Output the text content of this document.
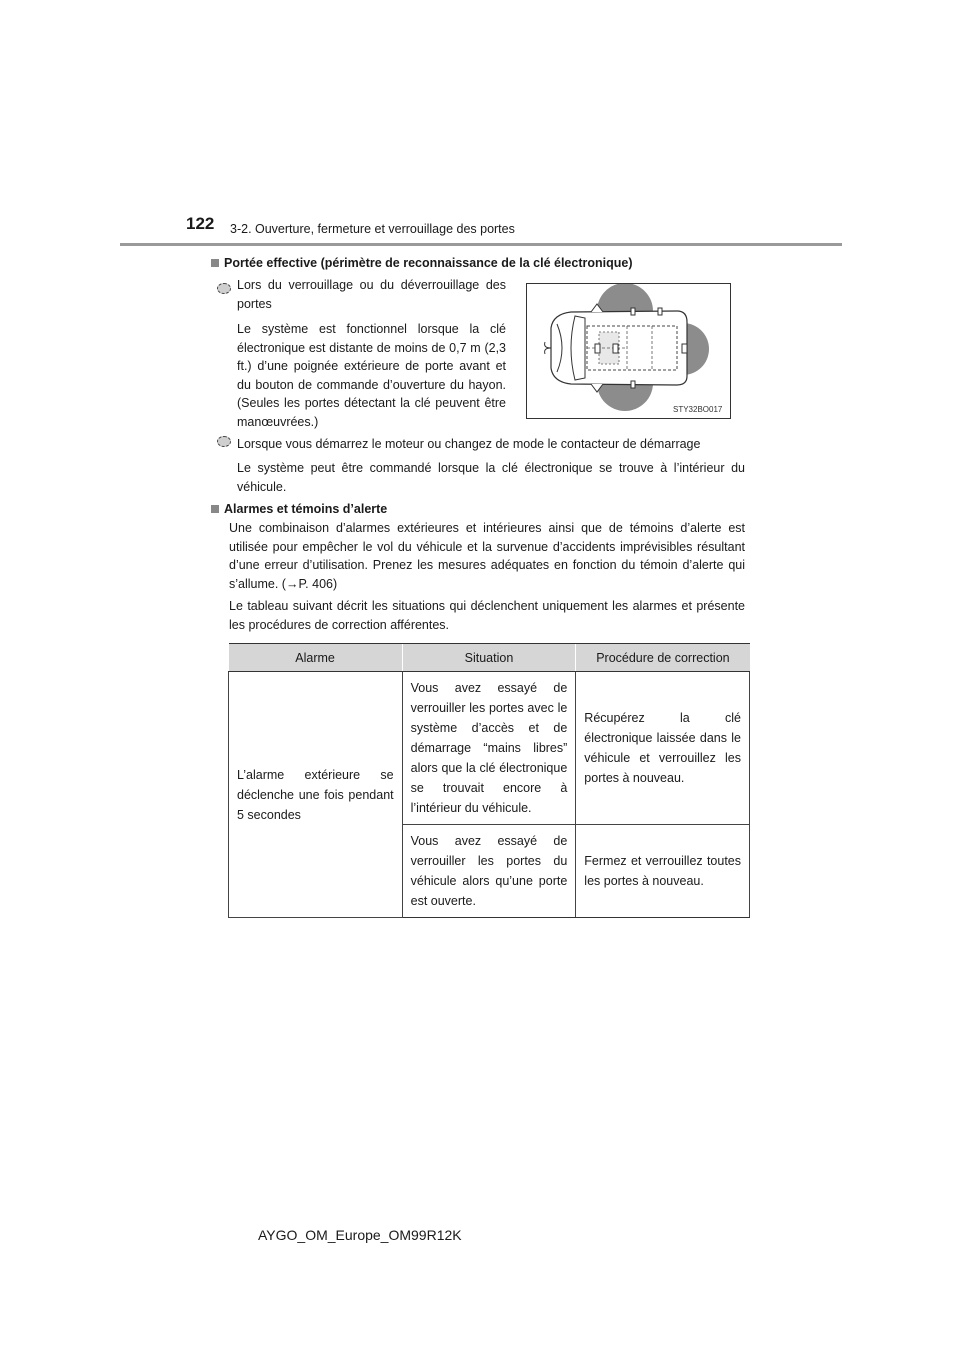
122 3-2. Ouverture, fermeture et verrouillage des portes
Portée effective (périmètre de reconnaissance de la clé électronique)

Lors du verrouillage ou du déverrouillage des portes

Le système est fonctionnel lorsque la clé électronique est distante de moins de 0,7 m (2,3 ft.) d’une poignée extérieure de porte avant et du bouton de commande d’ouverture du hayon. (Seules les portes détectant la clé peuvent être manœuvrées.)

STY32BO017

Lorsque vous démarrez le moteur ou changez de mode le contacteur de démarrage

Le système peut être commandé lorsque la clé électronique se trouve à l’intérieur du véhicule.

Alarmes et témoins d’alerte

Une combinaison d’alarmes extérieures et intérieures ainsi que de témoins d’alerte est utilisée pour empêcher le vol du véhicule et la survenue d’accidents imprévisibles résultant d’une erreur d’utilisation. Prenez les mesures adéquates en fonction du témoin d’alerte qui s’allume. (→P. 406)

Le tableau suivant décrit les situations qui déclenchent uniquement les alarmes et présente les procédures de correction afférentes.

Alarme	Situation	Procédure de correction
L’alarme extérieure se déclenche une fois pendant 5 secondes	Vous avez essayé de verrouiller les portes avec le système d’accès et de démarrage “mains libres” alors que la clé électronique se trouvait encore à l’intérieur du véhicule.	Récupérez la clé électronique laissée dans le véhicule et verrouillez les portes à nouveau.
	Vous avez essayé de verrouiller les portes du véhicule alors qu’une porte est ouverte.	Fermez et verrouillez toutes les portes à nouveau.
AYGO_OM_Europe_OM99R12K
